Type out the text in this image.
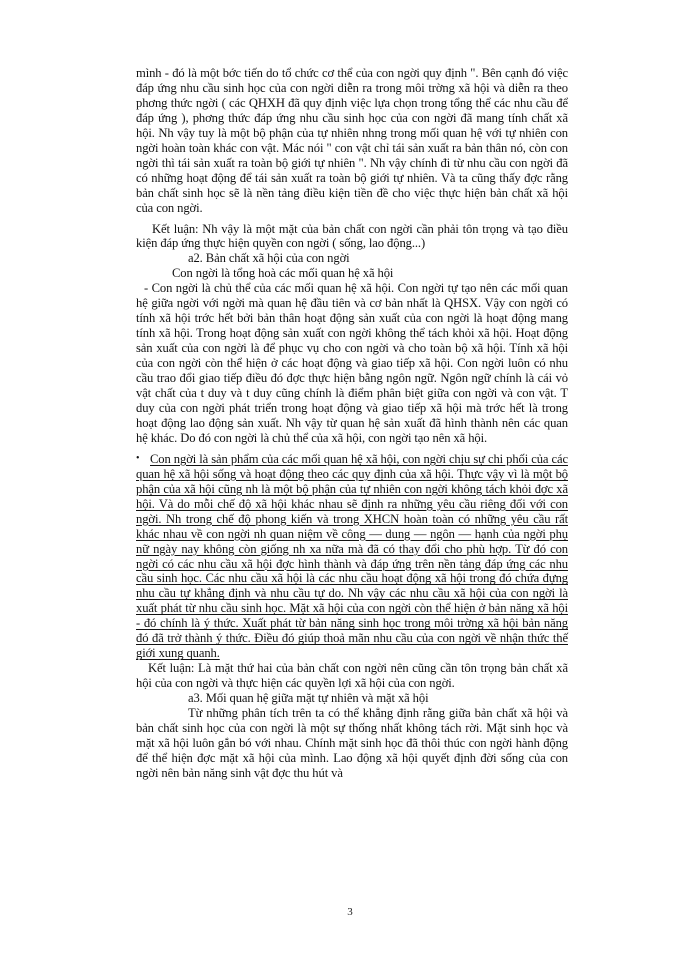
mình - đó là một bớc tiến do tổ chức cơ thể của con ngời quy định ". Bên cạnh đó việc đáp ứng nhu cầu sinh học của con ngời diễn ra trong môi trờng xã hội và diễn ra theo phơng thức ngời ( các QHXH đã quy định việc lựa chọn trong tổng thể các nhu cầu để đáp ứng ), phơng thức đáp ứng nhu cầu sinh học của con ngời đã mang tính chất xã hội. Nh vậy tuy là một bộ phận của tự nhiên nhng trong mối quan hệ với tự nhiên con ngời hoàn toàn khác con vật. Mác nói " con vật chỉ tái sản xuất ra bản thân nó, còn con ngời thì tái sản xuất ra toàn bộ giới tự nhiên ". Nh vậy chính đi từ nhu cầu con ngời đã có những hoạt động để tái sản xuất ra toàn bộ giới tự nhiên. Và ta cũng thấy đợc rằng bản chất sinh học sẽ là nền tảng điều kiện tiền đề cho việc thực hiện bản chất xã hội của con ngời.

Kết luận: Nh vậy là một mặt của bản chất con ngời cần phải tôn trọng và tạo điều kiện đáp ứng thực hiện quyền con ngời ( sống, lao động...)

a2. Bản chất xã hội của con ngời

Con ngời là tổng hoà các mối quan hệ xã hội

- Con ngời là chủ thể của các mối quan hệ xã hội. Con ngời tự tạo nên các mối quan hệ giữa ngời với ngời mà quan hệ đầu tiên và cơ bản nhất là QHSX. Vậy con ngời có tính xã hội trớc hết bởi bản thân hoạt động sản xuất của con ngời là hoạt động mang tính xã hội. Trong hoạt động sản xuất con ngời không thể tách khỏi xã hội. Hoạt động sản xuất của con ngời là để phục vụ cho con ngời và cho toàn bộ xã hội. Tính xã hội của con ngời còn thể hiện ở các hoạt động và giao tiếp xã hội. Con ngời luôn có nhu cầu trao đổi giao tiếp điều đó đợc thực hiện bằng ngôn ngữ. Ngôn ngữ chính là cái vỏ vật chất của t duy và t duy cũng chính là điểm phân biệt giữa con ngời và con vật. T duy của con ngời phát triển trong hoạt động và giao tiếp xã hội mà trớc hết là trong hoạt động lao động sản xuất. Nh vậy từ quan hệ sản xuất đã hình thành nên các quan hệ khác. Do đó con ngời là chủ thể của xã hội, con ngời tạo nên xã hội.

• Con ngời là sản phẩm của các mối quan hệ xã hội, con ngời chịu sự chi phối của các quan hệ xã hội sống và hoạt động theo các quy định của xã hội. Thực vậy vì là một bộ phận của xã hội cũng nh là một bộ phận của tự nhiên con ngời không tách khỏi đợc xã hội. Và do mỗi chế độ xã hội khác nhau sẽ định ra những yêu cầu riêng đối với con ngời. Nh trong chế độ phong kiến và trong XHCN hoàn toàn có những yêu cầu rất khác nhau về con ngời nh quan niệm về công — dung — ngôn — hạnh của ngời phụ nữ ngày nay không còn giống nh xa nữa mà đã có thay đổi cho phù hợp. Từ đó con ngời có các nhu cầu xã hội đợc hình thành và đáp ứng trên nền tảng đáp ứng các nhu cầu sinh học. Các nhu cầu xã hội là các nhu cầu hoạt động xã hội trong đó chứa đựng nhu cầu tự khẳng định và nhu cầu tự do. Nh vậy các nhu cầu xã hội của con ngời là xuất phát từ nhu cầu sinh học. Mặt xã hội của con ngời còn thể hiện ở bản năng xã hội - đó chính là ý thức. Xuất phát từ bản năng sinh học trong môi trờng xã hội bản năng đó đã trở thành ý thức. Điều đó giúp thoả mãn nhu cầu của con ngời về nhận thức thế giới xung quanh.

Kết luận: Là mặt thứ hai của bản chất con ngời nên cũng cần tôn trọng bản chất xã hội của con ngời và thực hiện các quyền lợi xã hội của con ngời.

a3. Mối quan hệ giữa mặt tự nhiên và mặt xã hội

Từ những phân tích trên ta có thể khẳng định rằng giữa bản chất xã hội và bản chất sinh học của con ngời là một sự thống nhất không tách rời. Mặt sinh học và mặt xã hội luôn gắn bó với nhau. Chính mặt sinh học đã thôi thúc con ngời hành động để thể hiện đợc mặt xã hội của mình. Lao động xã hội quyết định đời sống của con ngời nên bản năng sinh vật đợc thu hút và

3
